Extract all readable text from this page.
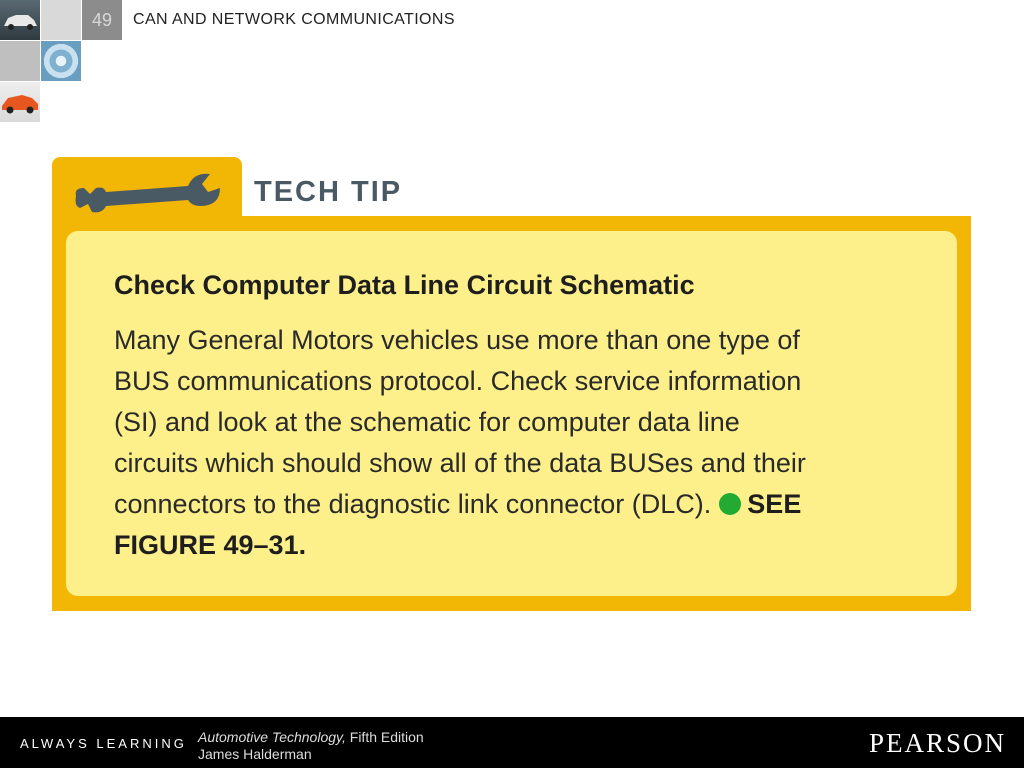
49	CAN AND NETWORK COMMUNICATIONS
TECH TIP
Check Computer Data Line Circuit Schematic
Many General Motors vehicles use more than one type of
BUS communications protocol. Check service information
(SI) and look at the schematic for computer data line
circuits which should show all of the data BUSes and their
connectors to the diagnostic link connector (DLC). SEE
FIGURE 49–31.
ALWAYS LEARNING Automotive Technology, Fifth Edition
James Halderman	PEARSON
